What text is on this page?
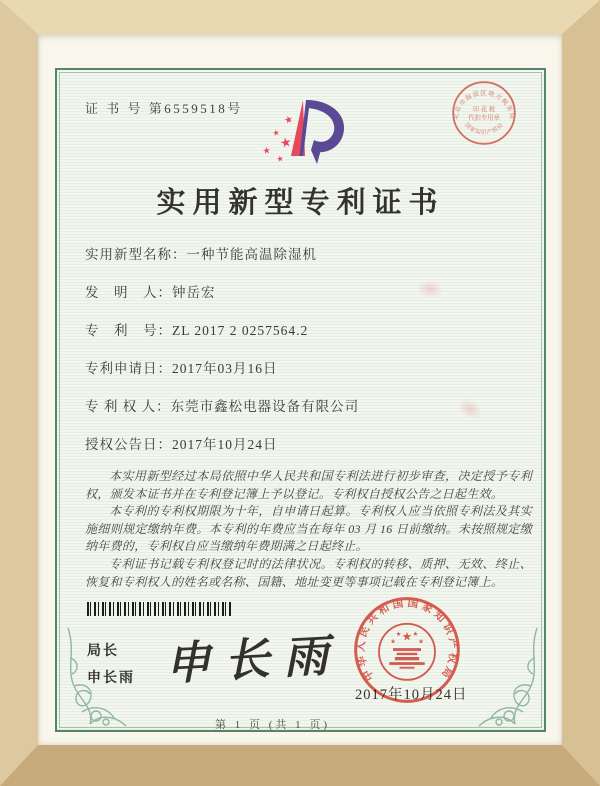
证 书 号 第6559518号
★
★
★
★
★
北京市海淀区地方税务局
国家知识产权局
印 花 税
代扣专用章
实用新型专利证书
实用新型名称：一种节能高温除湿机
发　明　人：钟岳宏
专　利　号：ZL 2017 2 0257564.2
专利申请日：2017年03月16日
专 利 权 人：东莞市鑫松电器设备有限公司
授权公告日：2017年10月24日

本实用新型经过本局依照中华人民共和国专利法进行初步审查，决定授予专利权，颁发本证书并在专利登记簿上予以登记。专利权自授权公告之日起生效。

本专利的专利权期限为十年，自申请日起算。专利权人应当依照专利法及其实施细则规定缴纳年费。本专利的年费应当在每年 03 月 16 日前缴纳。未按照规定缴纳年费的，专利权自应当缴纳年费期满之日起终止。

专利证书记载专利权登记时的法律状况。专利权的转移、质押、无效、终止、恢复和专利权人的姓名或名称、国籍、地址变更等事项记载在专利登记簿上。

局长
申长雨 申长雨
2017年10月24日
中华人民共和国国家知识产权局
★
★
★ ★
★
第 1 页 (共 1 页)
